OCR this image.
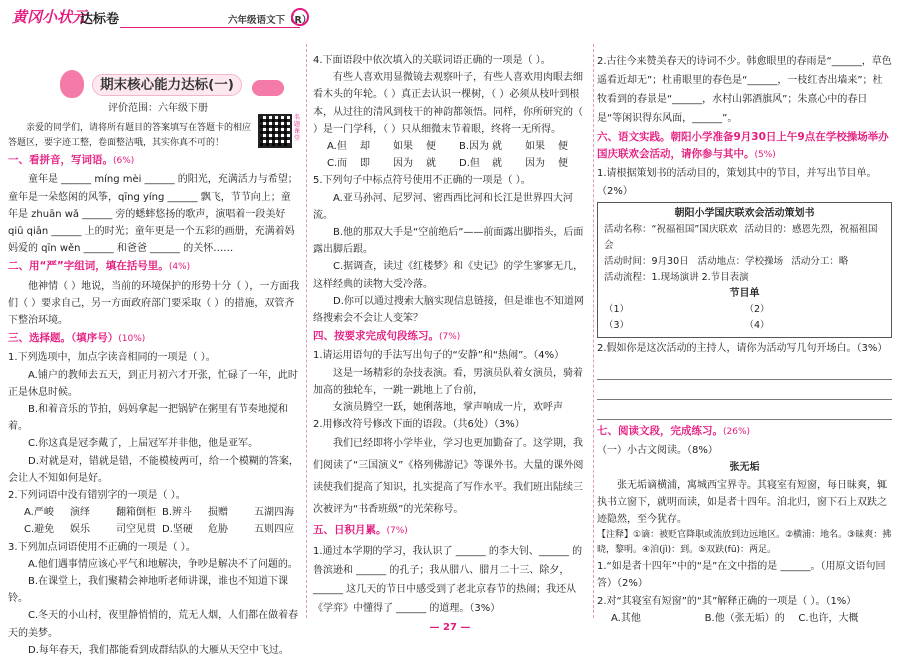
黄冈小状元
达标卷	六年级语文下（R）
期末核心能力达标(一)
名题课堂

评价范围：六年级下册

亲爱的同学们，请将所有题目的答案填写在答题卡的相应答题区，要字迹工整，卷面整洁哦，其实你真不可的！

一、看拼音，写词语。(6%)

童年是 ______ míng mèi ______ 的阳光，充满活力与希望；童年是一朵悠闲的风筝，qīng yíng ______ 飘飞，节节向上；童年是 zhuān wǎ ______ 旁的蟋蟀悠扬的歌声，演唱着一段美好 qiū qiān ______ 上的时光；童年更是一个五彩的画册，充满着妈妈爱的 qīn wěn ______ 和爸爸 ______ 的关怀……

二、用“严”字组词，填在括号里。(4%)

他神情（ ）地说，当前的环境保护的形势十分（ ），一方面我们（ ）要求自己，另一方面政府部门要采取（ ）的措施，双管齐下整治环境。

三、选择题。（填序号）(10%)

1.下列选项中，加点字读音相同的一项是（ ）。

A.铺户的教师去五天，到正月初六才开张，忙碌了一年，此时正是休息时候。

B.和着音乐的节拍，妈妈拿起一把锅铲在粥里有节奏地搅和着。

C.你这真是冠李戴了，上届冠军并非他，他是亚军。

D.对就是对，错就是错，不能模棱两可，给一个模糊的答案，会让人不知如何是好。

2.下列词语中没有错别字的一项是（ ）。

A.严峻	演绎	翻箱倒柜 B.辨斗	损赠	五湖四海
C.避免	娱乐	司空见贯 D.坚硬	危胁	五则四应

3.下列加点词语使用不正确的一项是（ ）。

A.他们遇事情应该心平气和地解决，争吵是解决不了问题的。

B.在课堂上，我们聚精会神地听老师讲课，谁也不知道下课铃。

C.冬天的小山村，夜里静悄悄的，荒无人烟，人们都在做着春天的美梦。

D.每年春天，我们都能看到成群结队的大雁从天空中飞过。

4.下面语段中依次填入的关联词语正确的一项是（ ）。

有些人喜欢用显微镜去观察叶子，有些人喜欢用肉眼去细看木头的年轮。（ ）真正去认识一棵树，（ ）必须从枝叶到根本，从过往的清风到枝干的神韵都领悟。同样，你所研究的（ ）是一门学科，（ ）只从细微末节着眼，终将一无所得。

A.但	却	如果	便	B.因为 就	如果	便
C.而	即	因为	就	D.但	就	因为	便

5.下列句子中标点符号使用不正确的一项是（ ）。

A.亚马孙河、尼罗河、密西西比河和长江是世界四大河流。

B.他的那双大手是“空前绝后”——前面露出脚指头，后面露出脚后跟。

C.据调查，读过《红楼梦》和《史记》的学生寥寥无几，这样经典的读物大受冷落。

D.你可以通过搜索大脑实现信息链接，但是谁也不知道网络搜索会不会让人变笨？

四、按要求完成句段练习。(7%)

1.请运用语句的手法写出句子的“安静”和“热闹”。（4%）

这是一场精彩的杂技表演。看，男演员队着女演员，骑着加高的独轮车，一跳一跳地上了台前，

女演员腾空一跃，她俐落地，掌声响成一片，欢呼声

2.用修改符号修改下面的语段。（共6处）（3%）

我们已经即将小学毕业，学习也更加勤奋了。这学期，我们阅读了“三国演义”《格列佛游记》等课外书。大量的课外阅读使我们提高了知识，扎实提高了写作水平。我们班出陆续三次被评为“书香班级”的光荣称号。

五、日积月累。(7%)

1.通过本学期的学习，我认识了 ______ 的李大钊、______ 的鲁滨逊和 ______ 的孔子；我从腊八、腊月二十三、除夕，______ 这几天的节日中感受到了老北京春节的热闹；我还从《学弈》中懂得了 ______ 的道理。（3%）

2.古往今来赞美春天的诗词不少。韩愈眼里的春雨是“______，草色遥看近却无”；杜甫眼里的春色是“______，一枝红杏出墙来”；杜牧看到的春景是“______，水村山郭酒旗风”；朱熹心中的春日是“等闲识得东风面，______”。

六、语文实践。朝阳小学准备9月30日上午9点在学校操场举办国庆联欢会活动，请你参与其中。(5%)

1.请根据策划书的活动目的，策划其中的节目，并写出节目单。（2%）

朝阳小学国庆联欢会活动策划书
活动名称：“祝福祖国”国庆联欢会
活动目的：感恩先烈，祝福祖国
活动时间：9月30日 活动地点：学校操场 活动分工：略
活动流程：1.现场演讲 2.节目表演
节目单
（1）	（2）
（3）	（4）

2.假如你是这次活动的主持人，请你为活动写几句开场白。（3%）

七、阅读文段，完成练习。(26%)

（一）小古文阅读。（8%）

张无垢

张无垢谪横浦，寓城西宝界寺。其寝室有短窗，每日昧爽，辄执书立窗下，就明而读，如是者十四年。洎北归，窗下石上双趺之迹隐然，至今犹存。

【注释】①谪：被贬官降职或流放到边远地区。②横浦：地名。③昧爽：拂晓，黎明。④洎(jì)：到。⑤双趺(fū)：两足。

1.“如是者十四年”中的“是”在文中指的是 ______。（用原文语句回答）（2%）

2.对“其寝室有短窗”的“其”解释正确的一项是（ ）。（1%）

A.其他	B.他（张无垢）的	C.也许，大概
— 27 —
